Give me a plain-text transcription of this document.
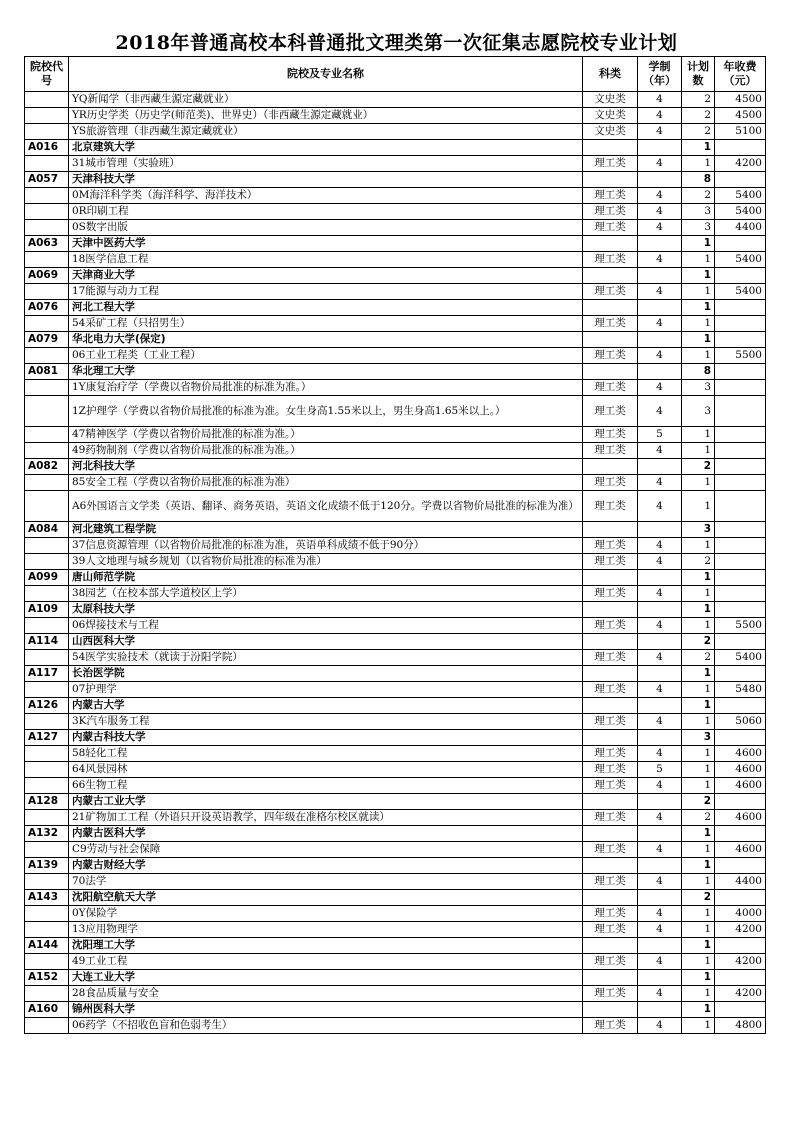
2018年普通高校本科普通批文理类第一次征集志愿院校专业计划
院校代号	院校及专业名称	科类	学制（年）	计划数	年收费（元）
	YQ新闻学（非西藏生源定藏就业）	文史类	4	2	4500
	YR历史学类（历史学(师范类)、世界史）（非西藏生源定藏就业）	文史类	4	2	4500
	YS旅游管理（非西藏生源定藏就业）	文史类	4	2	5100
A016	北京建筑大学			1	
	31城市管理（实验班）	理工类	4	1	4200
A057	天津科技大学			8	
	0M海洋科学类（海洋科学、海洋技术）	理工类	4	2	5400
	0R印刷工程	理工类	4	3	5400
	0S数字出版	理工类	4	3	4400
A063	天津中医药大学			1	
	18医学信息工程	理工类	4	1	5400
A069	天津商业大学			1	
	17能源与动力工程	理工类	4	1	5400
A076	河北工程大学			1	
	54采矿工程（只招男生）	理工类	4	1	
A079	华北电力大学(保定)			1	
	06工业工程类（工业工程）	理工类	4	1	5500
A081	华北理工大学			8	
	1Y康复治疗学（学费以省物价局批准的标准为准。）	理工类	4	3	
	1Z护理学（学费以省物价局批准的标准为准。女生身高1.55米以上，男生身高1.65米以上。）	理工类	4	3	
	47精神医学（学费以省物价局批准的标准为准。）	理工类	5	1	
	49药物制剂（学费以省物价局批准的标准为准。）	理工类	4	1	
A082	河北科技大学			2	
	85安全工程（学费以省物价局批准的标准为准）	理工类	4	1	
	A6外国语言文学类（英语、翻译、商务英语，英语文化成绩不低于120分。学费以省物价局批准的标准为准）	理工类	4	1	
A084	河北建筑工程学院			3	
	37信息资源管理（以省物价局批准的标准为准，英语单科成绩不低于90分）	理工类	4	1	
	39人文地理与城乡规划（以省物价局批准的标准为准）	理工类	4	2	
A099	唐山师范学院			1	
	38园艺（在校本部大学道校区上学）	理工类	4	1	
A109	太原科技大学			1	
	06焊接技术与工程	理工类	4	1	5500
A114	山西医科大学			2	
	54医学实验技术（就读于汾阳学院）	理工类	4	2	5400
A117	长治医学院			1	
	07护理学	理工类	4	1	5480
A126	内蒙古大学			1	
	3K汽车服务工程	理工类	4	1	5060
A127	内蒙古科技大学			3	
	58轻化工程	理工类	4	1	4600
	64风景园林	理工类	5	1	4600
	66生物工程	理工类	4	1	4600
A128	内蒙古工业大学			2	
	21矿物加工工程（外语只开设英语教学，四年级在准格尔校区就读）	理工类	4	2	4600
A132	内蒙古医科大学			1	
	C9劳动与社会保障	理工类	4	1	4600
A139	内蒙古财经大学			1	
	70法学	理工类	4	1	4400
A143	沈阳航空航天大学			2	
	0Y保险学	理工类	4	1	4000
	13应用物理学	理工类	4	1	4200
A144	沈阳理工大学			1	
	49工业工程	理工类	4	1	4200
A152	大连工业大学			1	
	28食品质量与安全	理工类	4	1	4200
A160	锦州医科大学			1	
	06药学（不招收色盲和色弱考生）	理工类	4	1	4800
